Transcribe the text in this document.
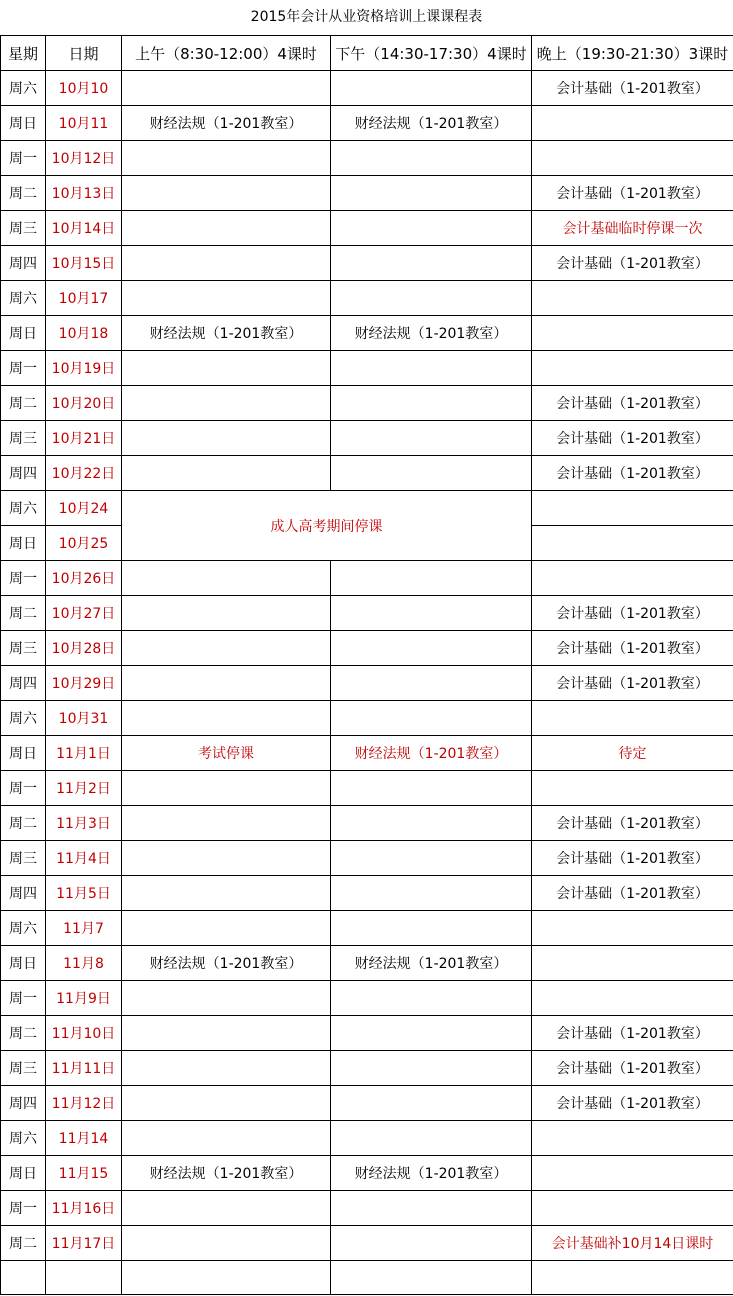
2015年会计从业资格培训上课课程表
星期	日期	上午（8:30-12:00）4课时	下午（14:30-17:30）4课时	晚上（19:30-21:30）3课时
周六	10月10			会计基础（1-201教室）
周日	10月11	财经法规（1-201教室）	财经法规（1-201教室）	
周一	10月12日			
周二	10月13日			会计基础（1-201教室）
周三	10月14日			会计基础临时停课一次
周四	10月15日			会计基础（1-201教室）
周六	10月17			
周日	10月18	财经法规（1-201教室）	财经法规（1-201教室）	
周一	10月19日			
周二	10月20日			会计基础（1-201教室）
周三	10月21日			会计基础（1-201教室）
周四	10月22日			会计基础（1-201教室）
周六	10月24	成人高考期间停课		
周日	10月25			
周一	10月26日			
周二	10月27日			会计基础（1-201教室）
周三	10月28日			会计基础（1-201教室）
周四	10月29日			会计基础（1-201教室）
周六	10月31			
周日	11月1日	考试停课	财经法规（1-201教室）	待定
周一	11月2日			
周二	11月3日			会计基础（1-201教室）
周三	11月4日			会计基础（1-201教室）
周四	11月5日			会计基础（1-201教室）
周六	11月7			
周日	11月8	财经法规（1-201教室）	财经法规（1-201教室）	
周一	11月9日			
周二	11月10日			会计基础（1-201教室）
周三	11月11日			会计基础（1-201教室）
周四	11月12日			会计基础（1-201教室）
周六	11月14			
周日	11月15	财经法规（1-201教室）	财经法规（1-201教室）	
周一	11月16日			
周二	11月17日			会计基础补10月14日课时
